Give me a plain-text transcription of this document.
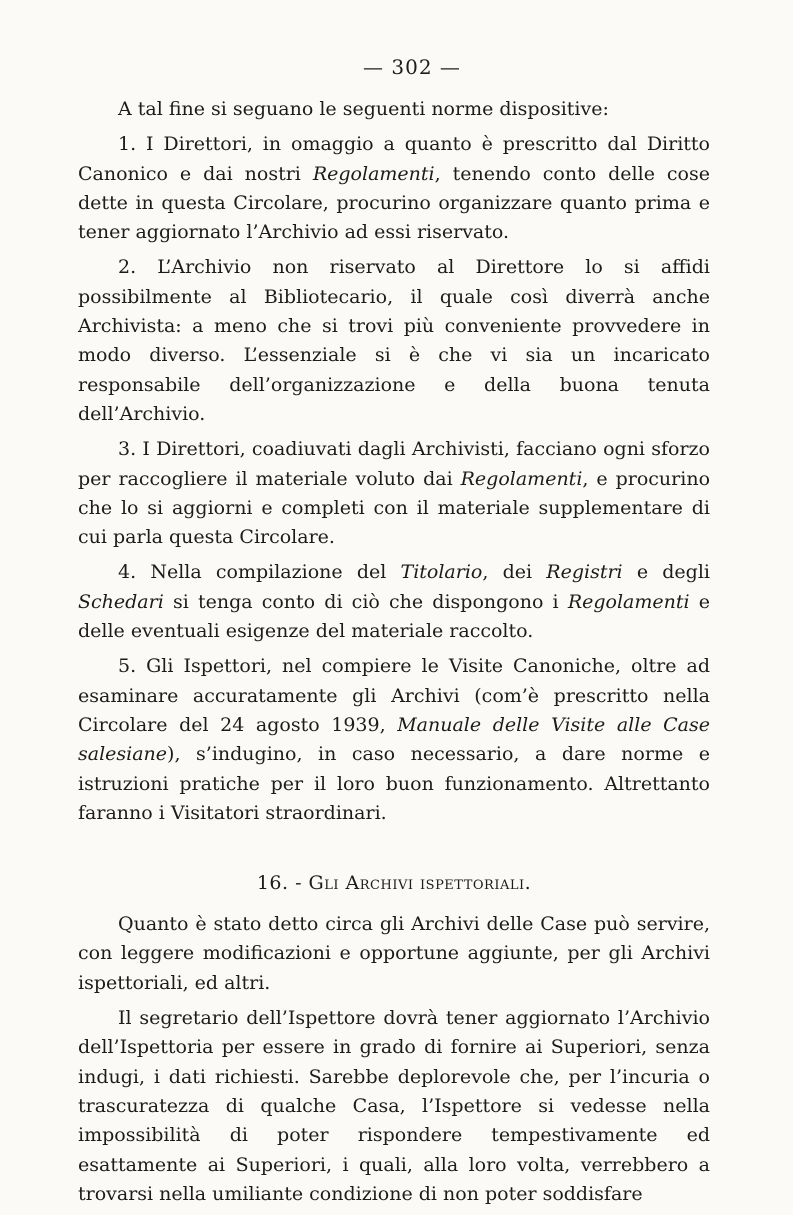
— 302 —

A tal fine si seguano le seguenti norme dispositive:

1. I Direttori, in omaggio a quanto è prescritto dal Diritto Canonico e dai nostri Regolamenti, tenendo conto delle cose dette in questa Circolare, procurino organizzare quanto prima e tener aggiornato l’Archivio ad essi riservato.

2. L’Archivio non riservato al Direttore lo si affidi possibilmente al Bibliotecario, il quale così diverrà anche Archivista: a meno che si trovi più conveniente provvedere in modo diverso. L’essenziale si è che vi sia un incaricato responsabile dell’organizzazione e della buona tenuta dell’Archivio.

3. I Direttori, coadiuvati dagli Archivisti, facciano ogni sforzo per raccogliere il materiale voluto dai Regolamenti, e procurino che lo si aggiorni e completi con il materiale supplementare di cui parla questa Circolare.

4. Nella compilazione del Titolario, dei Registri e degli Schedari si tenga conto di ciò che dispongono i Regolamenti e delle eventuali esigenze del materiale raccolto.

5. Gli Ispettori, nel compiere le Visite Canoniche, oltre ad esaminare accuratamente gli Archivi (com’è prescritto nella Circolare del 24 agosto 1939, Manuale delle Visite alle Case salesiane), s’indugino, in caso necessario, a dare norme e istruzioni pratiche per il loro buon funzionamento. Altrettanto faranno i Visitatori straordinari.

16. - Gli Archivi ispettoriali.

Quanto è stato detto circa gli Archivi delle Case può servire, con leggere modificazioni e opportune aggiunte, per gli Archivi ispettoriali, ed altri.

Il segretario dell’Ispettore dovrà tener aggiornato l’Archivio dell’Ispettoria per essere in grado di fornire ai Superiori, senza indugi, i dati richiesti. Sarebbe deplorevole che, per l’incuria o trascuratezza di qualche Casa, l’Ispettore si vedesse nella impossibilità di poter rispondere tempestivamente ed esattamente ai Superiori, i quali, alla loro volta, verrebbero a trovarsi nella umiliante condizione di non poter soddisfare
